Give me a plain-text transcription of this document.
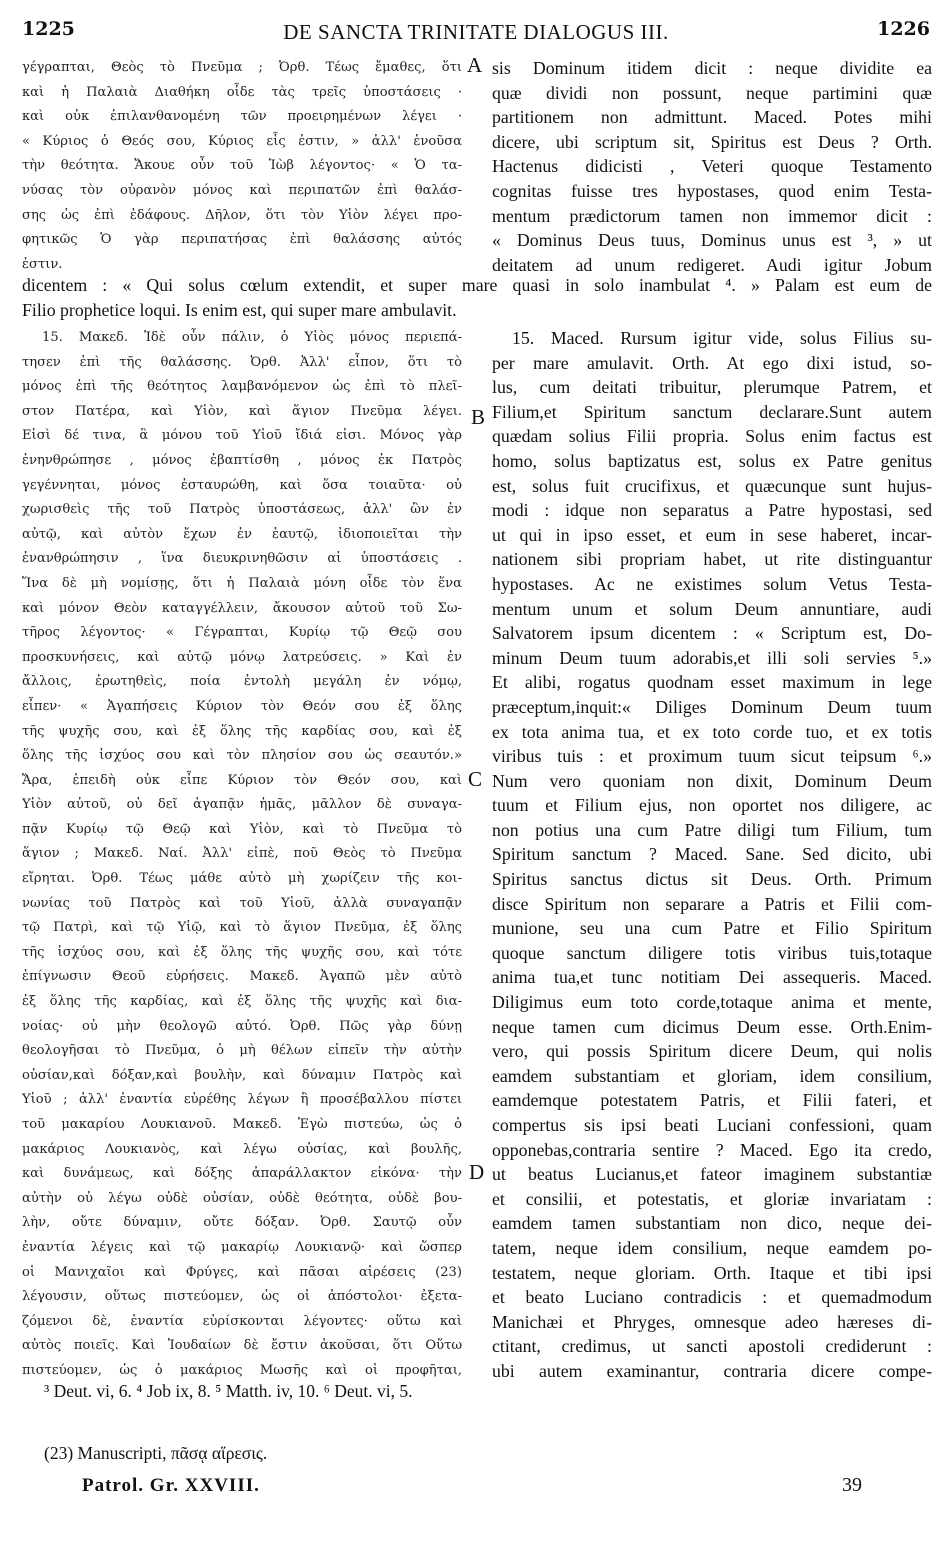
1225	DE SANCTA TRINITATE DIALOGUS III.	1226
γέγραπται, Θεὸς τὸ Πνεῦμα ; Ὀρθ. Τέως ἔμαθες, ὅτι
καὶ ἡ Παλαιὰ Διαθήκη οἶδε τὰς τρεῖς ὑποστάσεις ·
καὶ οὐκ ἐπιλανθανομένη τῶν προειρημένων λέγει ·
« Κύριος ὁ Θεός σου, Κύριος εἷς ἐστιν, » ἀλλ' ἑνοῦσα
τὴν θεότητα. Ἄκουε οὖν τοῦ Ἰὼβ λέγοντος· « Ὁ τα-
νύσας τὸν οὐρανὸν μόνος καὶ περιπατῶν ἐπὶ θαλάσ-
σης ὡς ἐπὶ ἐδάφους. Δῆλον, ὅτι τὸν Υἱὸν λέγει προ-
φητικῶς Ὁ γὰρ περιπατήσας ἐπὶ θαλάσσης αὐτός
ἐστιν.
sis Dominum itidem dicit : neque dividite ea
quæ dividi non possunt, neque partimini quæ
partitionem non admittunt. Maced. Potes mihi
dicere, ubi scriptum sit, Spiritus est Deus ? Orth.
Hactenus didicisti , Veteri quoque Testamento
cognitas fuisse tres hypostases, quod enim Testa-
mentum prædictorum tamen non immemor dicit :
« Dominus Deus tuus, Dominus unus est ³, » ut
deitatem ad unum redigeret. Audi igitur Jobum
dicentem : « Qui solus cœlum extendit, et super mare quasi in solo inambulat ⁴. » Palam est eum de
Filio prophetice loqui. Is enim est, qui super mare ambulavit.
15. Μακεδ. Ἰδὲ οὖν πάλιν, ὁ Υἱὸς μόνος περιεπά-
τησεν ἐπὶ τῆς θαλάσσης. Ὀρθ. Ἀλλ' εἶπον, ὅτι τὸ
μόνος ἐπὶ τῆς θεότητος λαμβανόμενον ὡς ἐπὶ τὸ πλεῖ-
στον Πατέρα, καὶ Υἱὸν, καὶ ἅγιον Πνεῦμα λέγει.
Εἰσὶ δέ τινα, ἃ μόνου τοῦ Υἱοῦ ἴδιά εἰσι. Μόνος γὰρ
ἐνηνθρώπησε , μόνος ἐβαπτίσθη , μόνος ἐκ Πατρὸς
γεγέννηται, μόνος ἐσταυρώθη, καὶ ὅσα τοιαῦτα· οὐ
χωρισθεὶς τῆς τοῦ Πατρὸς ὑποστάσεως, ἀλλ' ὢν ἐν
αὐτῷ, καὶ αὐτὸν ἔχων ἐν ἑαυτῷ, ἰδιοποιεῖται τὴν
ἐνανθρώπησιν , ἵνα διευκρινηθῶσιν αἱ ὑποστάσεις .
Ἵνα δὲ μὴ νομίσῃς, ὅτι ἡ Παλαιὰ μόνη οἶδε τὸν ἕνα
καὶ μόνον Θεὸν καταγγέλλειν, ἄκουσον αὐτοῦ τοῦ Σω-
τῆρος λέγοντος· « Γέγραπται, Κυρίῳ τῷ Θεῷ σου
προσκυνήσεις, καὶ αὐτῷ μόνῳ λατρεύσεις. » Καὶ ἐν
ἄλλοις, ἐρωτηθεὶς, ποία ἐντολὴ μεγάλη ἐν νόμῳ,
εἶπεν· « Ἀγαπήσεις Κύριον τὸν Θεόν σου ἐξ ὅλης
τῆς ψυχῆς σου, καὶ ἐξ ὅλης τῆς καρδίας σου, καὶ ἐξ
ὅλης τῆς ἰσχύος σου καὶ τὸν πλησίον σου ὡς σεαυτόν.»
Ἄρα, ἐπειδὴ οὐκ εἶπε Κύριον τὸν Θεόν σου, καὶ
Υἱὸν αὐτοῦ, οὐ δεῖ ἀγαπᾷν ἡμᾶς, μᾶλλον δὲ συναγα-
πᾷν Κυρίῳ τῷ Θεῷ καὶ Υἱὸν, καὶ τὸ Πνεῦμα τὸ
ἅγιον ; Μακεδ. Ναί. Ἀλλ' εἰπὲ, ποῦ Θεὸς τὸ Πνεῦμα
εἴρηται. Ὀρθ. Τέως μάθε αὐτὸ μὴ χωρίζειν τῆς κοι-
νωνίας τοῦ Πατρὸς καὶ τοῦ Υἱοῦ, ἀλλὰ συναγαπᾷν
τῷ Πατρὶ, καὶ τῷ Υἱῷ, καὶ τὸ ἅγιον Πνεῦμα, ἐξ ὅλης
τῆς ἰσχύος σου, καὶ ἐξ ὅλης τῆς ψυχῆς σου, καὶ τότε
ἐπίγνωσιν Θεοῦ εὑρήσεις. Μακεδ. Ἀγαπῶ μὲν αὐτὸ
ἐξ ὅλης τῆς καρδίας, καὶ ἐξ ὅλης τῆς ψυχῆς καὶ δια-
νοίας· οὐ μὴν θεολογῶ αὐτό. Ὀρθ. Πῶς γὰρ δύνῃ
θεολογῆσαι τὸ Πνεῦμα, ὁ μὴ θέλων εἰπεῖν τὴν αὐτὴν
οὐσίαν,καὶ δόξαν,καὶ βουλὴν, καὶ δύναμιν Πατρὸς καὶ
Υἱοῦ ; ἀλλ' ἐναντία εὑρέθης λέγων ἢ προσέβαλλου πίστει
τοῦ μακαρίου Λουκιανοῦ. Μακεδ. Ἐγὼ πιστεύω, ὡς ὁ
μακάριος Λουκιανὸς, καὶ λέγω οὐσίας, καὶ βουλῆς,
καὶ δυνάμεως, καὶ δόξης ἀπαράλλακτον εἰκόνα· τὴν
αὐτὴν οὐ λέγω οὐδὲ οὐσίαν, οὐδὲ θεότητα, οὐδὲ βου-
λὴν, οὔτε δύναμιν, οὔτε δόξαν. Ὀρθ. Σαυτῷ οὖν
ἐναντία λέγεις καὶ τῷ μακαρίῳ Λουκιανῷ· καὶ ὥσπερ
οἱ Μανιχαῖοι καὶ Φρύγες, καὶ πᾶσαι αἱρέσεις (23)
λέγουσιν, οὕτως πιστεύομεν, ὡς οἱ ἀπόστολοι· ἐξετα-
ζόμενοι δὲ, ἐναντία εὑρίσκονται λέγοντες· οὕτω καὶ
αὐτὸς ποιεῖς. Καὶ Ἰουδαίων δὲ ἔστιν ἀκοῦσαι, ὅτι Οὕτω
πιστεύομεν, ὡς ὁ μακάριος Μωσῆς καὶ οἱ προφῆται,
15. Maced. Rursum igitur vide, solus Filius su-
per mare amulavit. Orth. At ego dixi istud, so-
lus, cum deitati tribuitur, plerumque Patrem, et
Filium,et Spiritum sanctum declarare.Sunt autem
quædam solius Filii propria. Solus enim factus est
homo, solus baptizatus est, solus ex Patre genitus
est, solus fuit crucifixus, et quæcunque sunt hujus-
modi : idque non separatus a Patre hypostasi, sed
ut qui in ipso esset, et eum in sese haberet, incar-
nationem sibi propriam habet, ut rite distinguantur
hypostases. Ac ne existimes solum Vetus Testa-
mentum unum et solum Deum annuntiare, audi
Salvatorem ipsum dicentem : « Scriptum est, Do-
minum Deum tuum adorabis,et illi soli servies ⁵.»
Et alibi, rogatus quodnam esset maximum in lege
præceptum,inquit:« Diliges Dominum Deum tuum
ex tota anima tua, et ex toto corde tuo, et ex totis
viribus tuis : et proximum tuum sicut teipsum ⁶.»
Num vero quoniam non dixit, Dominum Deum
tuum et Filium ejus, non oportet nos diligere, ac
non potius una cum Patre diligi tum Filium, tum
Spiritum sanctum ? Maced. Sane. Sed dicito, ubi
Spiritus sanctus dictus sit Deus. Orth. Primum
disce Spiritum non separare a Patris et Filii com-
munione, seu una cum Patre et Filio Spiritum
quoque sanctum diligere totis viribus tuis,totaque
anima tua,et tunc notitiam Dei assequeris. Maced.
Diligimus eum toto corde,totaque anima et mente,
neque tamen cum dicimus Deum esse. Orth.Enim-
vero, qui possis Spiritum dicere Deum, qui nolis
eamdem substantiam et gloriam, idem consilium,
eamdemque potestatem Patris, et Filii fateri, et
compertus sis ipsi beati Luciani confessioni, quam
opponebas,contraria sentire ? Maced. Ego ita credo,
ut beatus Lucianus,et fateor imaginem substantiæ
et consilii, et potestatis, et gloriæ invariatam :
eamdem tamen substantiam non dico, neque dei-
tatem, neque idem consilium, neque eamdem po-
testatem, neque gloriam. Orth. Itaque et tibi ipsi
et beato Luciano contradicis : et quemadmodum
Manichæi et Phryges, omnesque adeo hæreses di-
ctitant, credimus, ut sancti apostoli crediderunt :
ubi autem examinantur, contraria dicere compe-
A
B
C
D
³ Deut. vi, 6. ⁴ Job ix, 8. ⁵ Matth. iv, 10. ⁶ Deut. vi, 5.
(23) Manuscripti, πᾶσᾳ αἵρεσις.
Patrol. Gr. XXVIII.	39
